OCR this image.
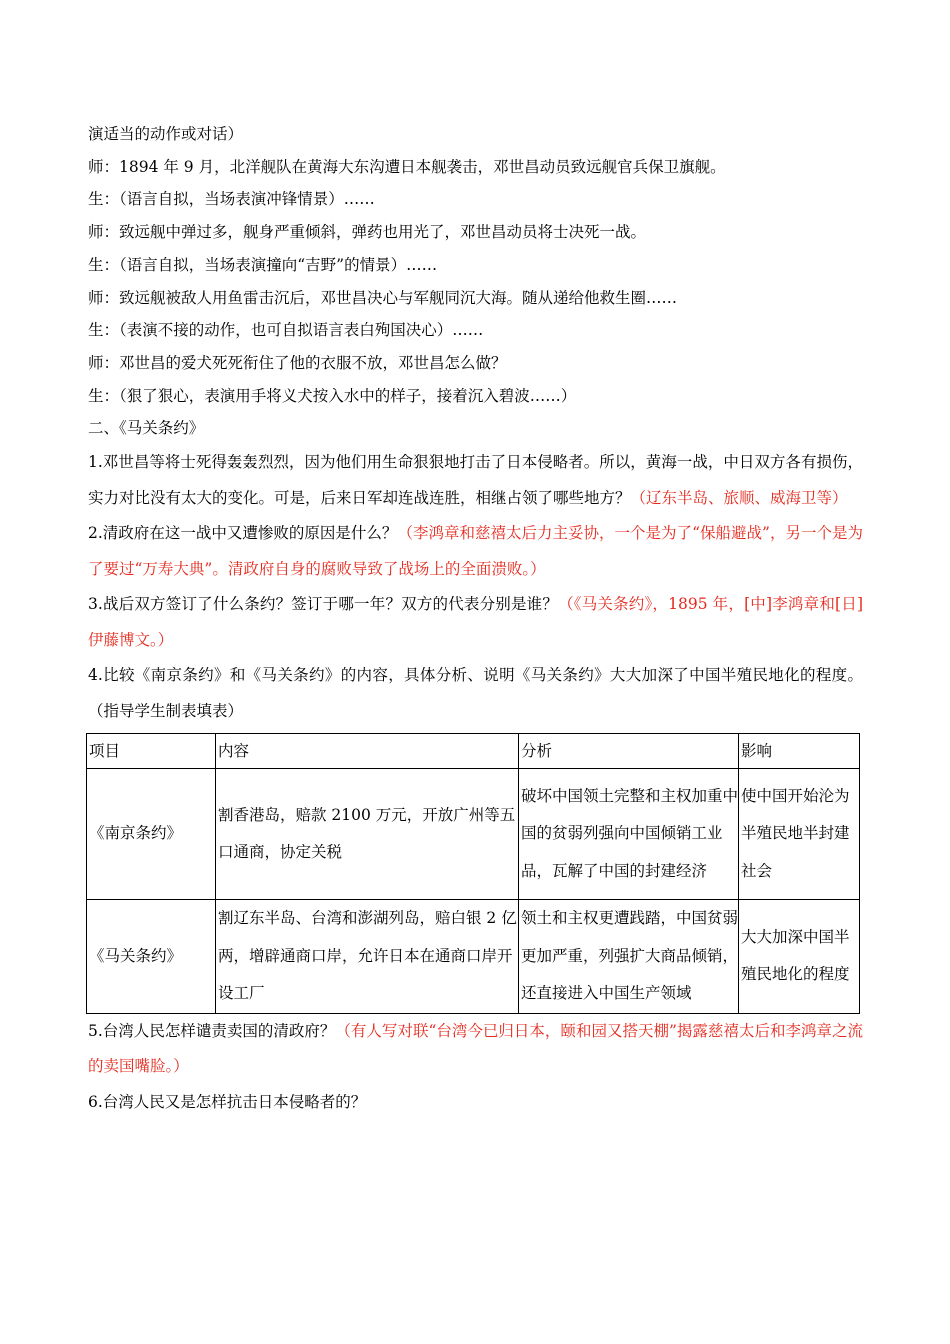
演适当的动作或对话）
师：1894 年 9 月，北洋舰队在黄海大东沟遭日本舰袭击，邓世昌动员致远舰官兵保卫旗舰。
生：（语言自拟，当场表演冲锋情景）……
师：致远舰中弹过多，舰身严重倾斜，弹药也用光了，邓世昌动员将士决死一战。
生：（语言自拟，当场表演撞向“吉野”的情景）……
师：致远舰被敌人用鱼雷击沉后，邓世昌决心与军舰同沉大海。随从递给他救生圈……
生：（表演不接的动作，也可自拟语言表白殉国决心）……
师：邓世昌的爱犬死死衔住了他的衣服不放，邓世昌怎么做？
生：（狠了狠心，表演用手将义犬按入水中的样子，接着沉入碧波……）
二、《马关条约》
1.邓世昌等将士死得轰轰烈烈，因为他们用生命狠狠地打击了日本侵略者。所以，黄海一战，中日双方各有损伤，实力对比没有太大的变化。可是，后来日军却连战连胜，相继占领了哪些地方？（辽东半岛、旅顺、威海卫等）
2.清政府在这一战中又遭惨败的原因是什么？（李鸿章和慈禧太后力主妥协，一个是为了“保船避战”，另一个是为了要过“万寿大典”。清政府自身的腐败导致了战场上的全面溃败。）
3.战后双方签订了什么条约？签订于哪一年？双方的代表分别是谁？（《马关条约》，1895 年，[中]李鸿章和[日]伊藤博文。）
4.比较《南京条约》和《马关条约》的内容，具体分析、说明《马关条约》大大加深了中国半殖民地化的程度。（指导学生制表填表）
项目	内容	分析	影响
《南京条约》	割香港岛，赔款 2100 万元，开放广州等五口通商，协定关税	破坏中国领土完整和主权加重中国的贫弱列强向中国倾销工业品，瓦解了中国的封建经济	使中国开始沦为半殖民地半封建社会
《马关条约》	割辽东半岛、台湾和澎湖列岛，赔白银 2 亿两，增辟通商口岸，允许日本在通商口岸开设工厂	领土和主权更遭践踏，中国贫弱更加严重，列强扩大商品倾销，还直接进入中国生产领域	大大加深中国半殖民地化的程度
5.台湾人民怎样谴责卖国的清政府？（有人写对联“台湾今已归日本，颐和园又搭天棚”揭露慈禧太后和李鸿章之流的卖国嘴脸。）
6.台湾人民又是怎样抗击日本侵略者的？
